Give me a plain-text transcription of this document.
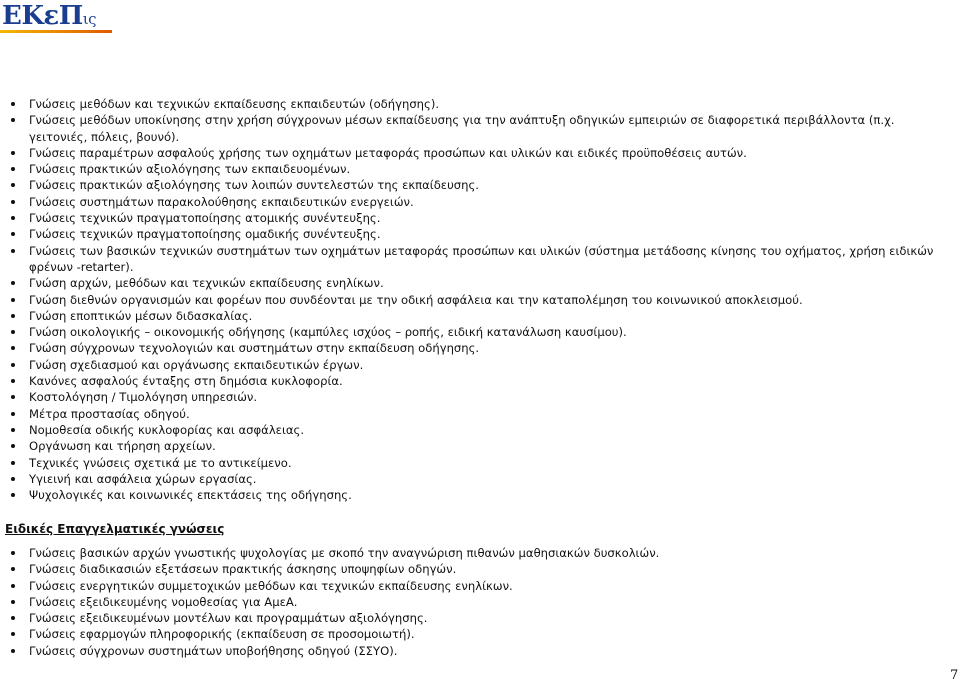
ΕΚεΠις
Γνώσεις μεθόδων και τεχνικών εκπαίδευσης εκπαιδευτών (οδήγησης).
Γνώσεις μεθόδων υποκίνησης στην χρήση σύγχρονων μέσων εκπαίδευσης για την ανάπτυξη οδηγικών εμπειριών σε διαφορετικά περιβάλλοντα (π.χ. γειτονιές, πόλεις, βουνό).
Γνώσεις παραμέτρων ασφαλούς χρήσης των οχημάτων μεταφοράς προσώπων και υλικών και ειδικές προϋποθέσεις αυτών.
Γνώσεις πρακτικών αξιολόγησης των εκπαιδευομένων.
Γνώσεις πρακτικών αξιολόγησης των λοιπών συντελεστών της εκπαίδευσης.
Γνώσεις συστημάτων παρακολούθησης εκπαιδευτικών ενεργειών.
Γνώσεις τεχνικών πραγματοποίησης ατομικής συνέντευξης.
Γνώσεις τεχνικών πραγματοποίησης ομαδικής συνέντευξης.
Γνώσεις των βασικών τεχνικών συστημάτων των οχημάτων μεταφοράς προσώπων και υλικών (σύστημα μετάδοσης κίνησης του οχήματος, χρήση ειδικών φρένων -retarter).
Γνώση αρχών, μεθόδων και τεχνικών εκπαίδευσης ενηλίκων.
Γνώση διεθνών οργανισμών και φορέων που συνδέονται με την οδική ασφάλεια και την καταπολέμηση του κοινωνικού αποκλεισμού.
Γνώση εποπτικών μέσων διδασκαλίας.
Γνώση οικολογικής – οικονομικής οδήγησης (καμπύλες ισχύος – ροπής, ειδική κατανάλωση καυσίμου).
Γνώση σύγχρονων τεχνολογιών και συστημάτων στην εκπαίδευση οδήγησης.
Γνώση σχεδιασμού και οργάνωσης εκπαιδευτικών έργων.
Κανόνες ασφαλούς ένταξης στη δημόσια κυκλοφορία.
Κοστολόγηση / Τιμολόγηση υπηρεσιών.
Μέτρα προστασίας οδηγού.
Νομοθεσία οδικής κυκλοφορίας και ασφάλειας.
Οργάνωση και τήρηση αρχείων.
Τεχνικές γνώσεις σχετικά με το αντικείμενο.
Υγιεινή και ασφάλεια χώρων εργασίας.
Ψυχολογικές και κοινωνικές επεκτάσεις της οδήγησης.
Ειδικές Επαγγελματικές γνώσεις
Γνώσεις βασικών αρχών γνωστικής ψυχολογίας με σκοπό την αναγνώριση πιθανών μαθησιακών δυσκολιών.
Γνώσεις διαδικασιών εξετάσεων πρακτικής άσκησης υποψηφίων οδηγών.
Γνώσεις ενεργητικών συμμετοχικών μεθόδων και τεχνικών εκπαίδευσης ενηλίκων.
Γνώσεις εξειδικευμένης νομοθεσίας για ΑμεΑ.
Γνώσεις εξειδικευμένων μοντέλων και προγραμμάτων αξιολόγησης.
Γνώσεις εφαρμογών πληροφορικής (εκπαίδευση σε προσομοιωτή).
Γνώσεις σύγχρονων συστημάτων υποβοήθησης οδηγού (ΣΣΥΟ).
7
